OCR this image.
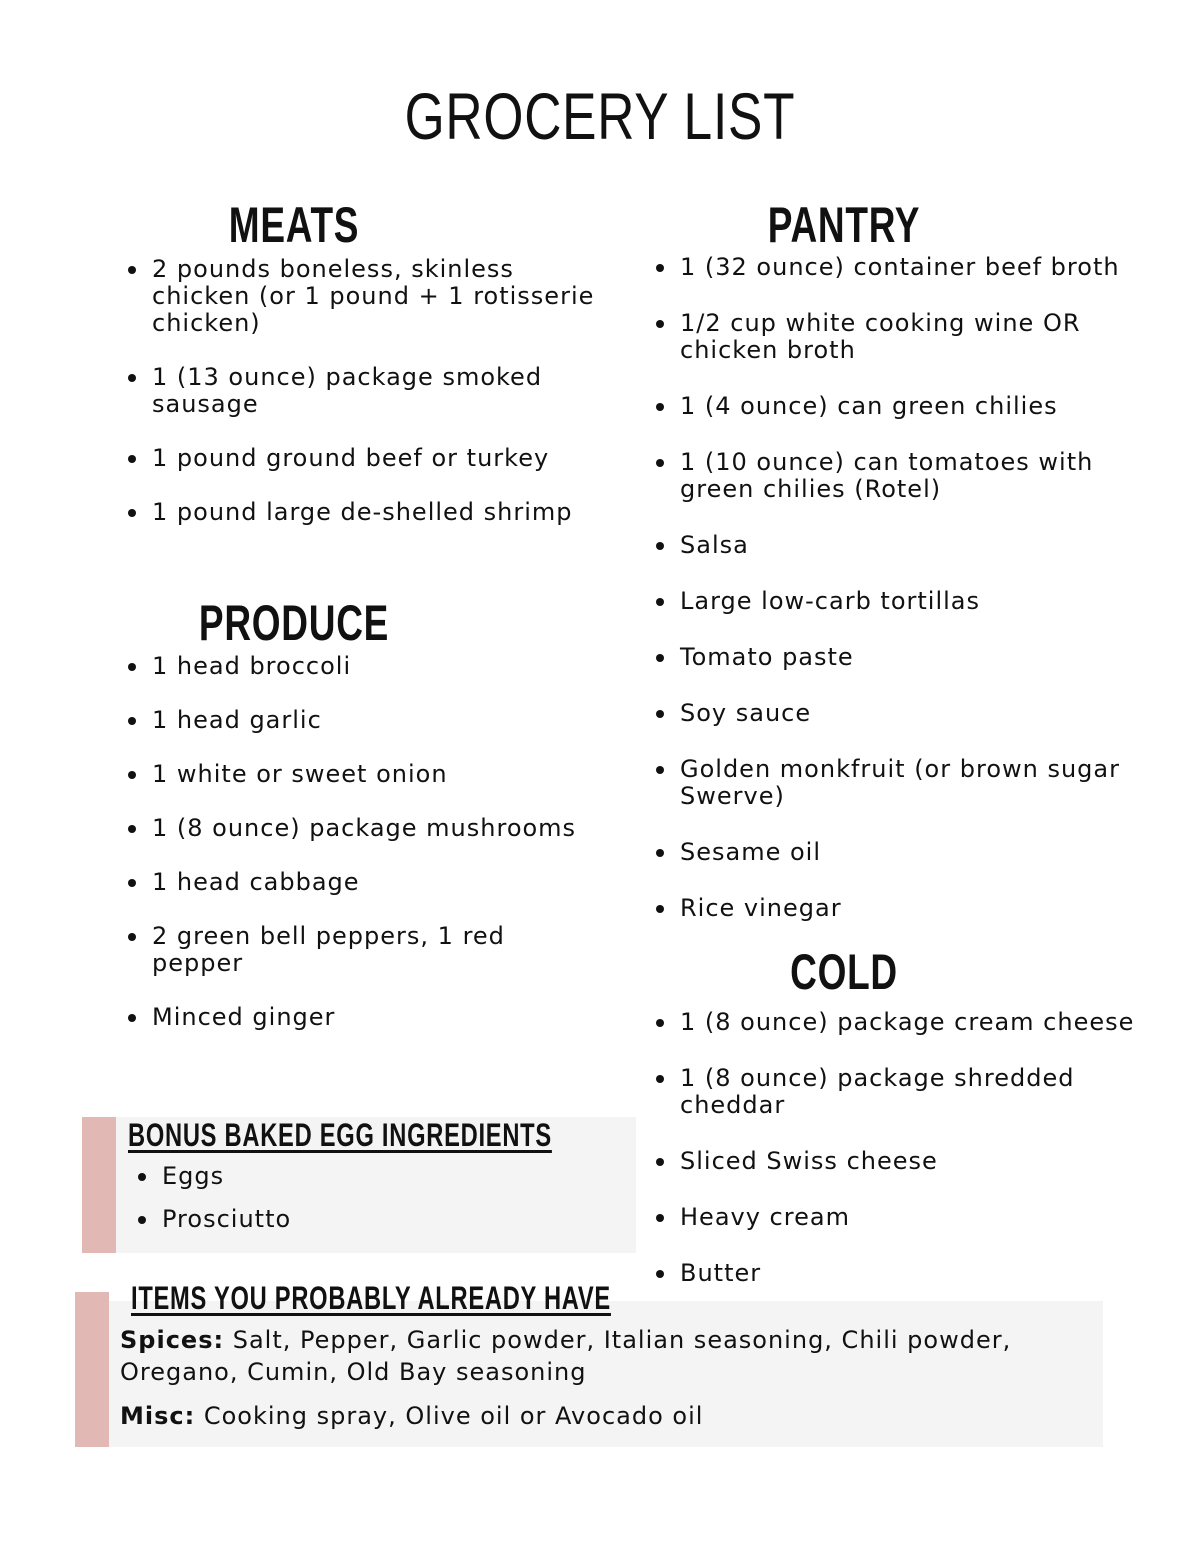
GROCERY LIST
MEATS
2 pounds boneless, skinless chicken (or 1 pound + 1 rotisserie chicken)
1 (13 ounce) package smoked sausage
1 pound ground beef or turkey
1 pound large de-shelled shrimp
PRODUCE
1 head broccoli
1 head garlic
1 white or sweet onion
1 (8 ounce) package mushrooms
1 head cabbage
2 green bell peppers, 1 red pepper
Minced ginger
PANTRY
1 (32 ounce) container beef broth
1/2 cup white cooking wine OR chicken broth
1 (4 ounce) can green chilies
1 (10 ounce) can tomatoes with green chilies (Rotel)
Salsa
Large low-carb tortillas
Tomato paste
Soy sauce
Golden monkfruit (or brown sugar Swerve)
Sesame oil
Rice vinegar
COLD
1 (8 ounce) package cream cheese
1 (8 ounce) package shredded cheddar
Sliced Swiss cheese
Heavy cream
Butter
BONUS BAKED EGG INGREDIENTS
Eggs
Prosciutto
ITEMS YOU PROBABLY ALREADY HAVE
Spices: Salt, Pepper, Garlic powder, Italian seasoning, Chili powder, Oregano, Cumin, Old Bay seasoning
Misc: Cooking spray, Olive oil or Avocado oil
